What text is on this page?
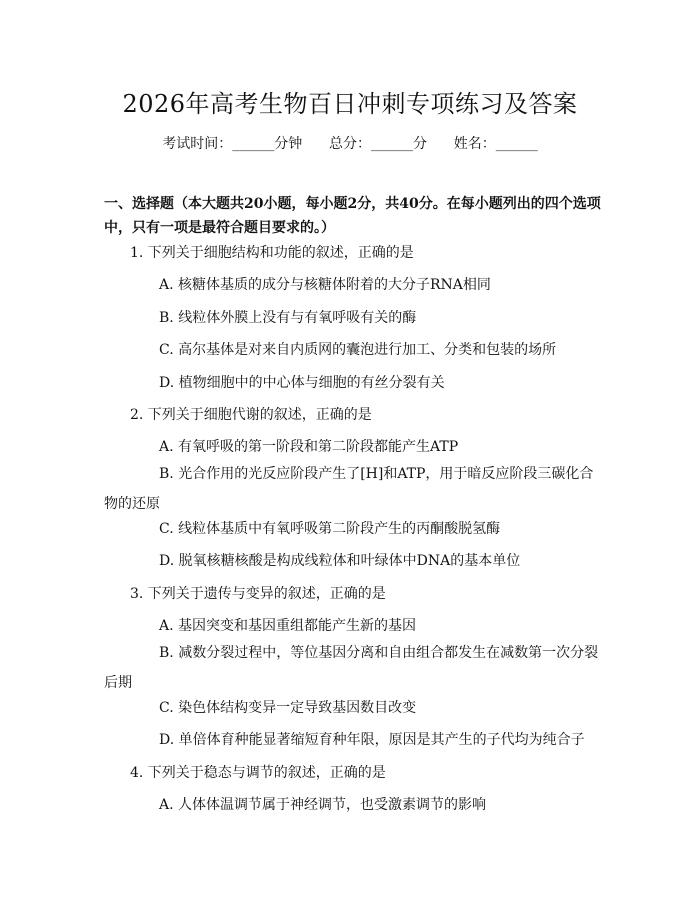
2026年高考生物百日冲刺专项练习及答案
考试时间：______分钟      总分：______分      姓名：______
一、选择题（本大题共20小题，每小题2分，共40分。在每小题列出的四个选项中，只有一项是最符合题目要求的。）
1. 下列关于细胞结构和功能的叙述，正确的是
A. 核糖体基质的成分与核糖体附着的大分子RNA相同
B. 线粒体外膜上没有与有氧呼吸有关的酶
C. 高尔基体是对来自内质网的囊泡进行加工、分类和包装的场所
D. 植物细胞中的中心体与细胞的有丝分裂有关
2. 下列关于细胞代谢的叙述，正确的是
A. 有氧呼吸的第一阶段和第二阶段都能产生ATP
B. 光合作用的光反应阶段产生了[H]和ATP，用于暗反应阶段三碳化合物的还原
C. 线粒体基质中有氧呼吸第二阶段产生的丙酮酸脱氢酶
D. 脱氧核糖核酸是构成线粒体和叶绿体中DNA的基本单位
3. 下列关于遗传与变异的叙述，正确的是
A. 基因突变和基因重组都能产生新的基因
B. 减数分裂过程中，等位基因分离和自由组合都发生在减数第一次分裂后期
C. 染色体结构变异一定导致基因数目改变
D. 单倍体育种能显著缩短育种年限，原因是其产生的子代均为纯合子
4. 下列关于稳态与调节的叙述，正确的是
A. 人体体温调节属于神经调节，也受激素调节的影响
